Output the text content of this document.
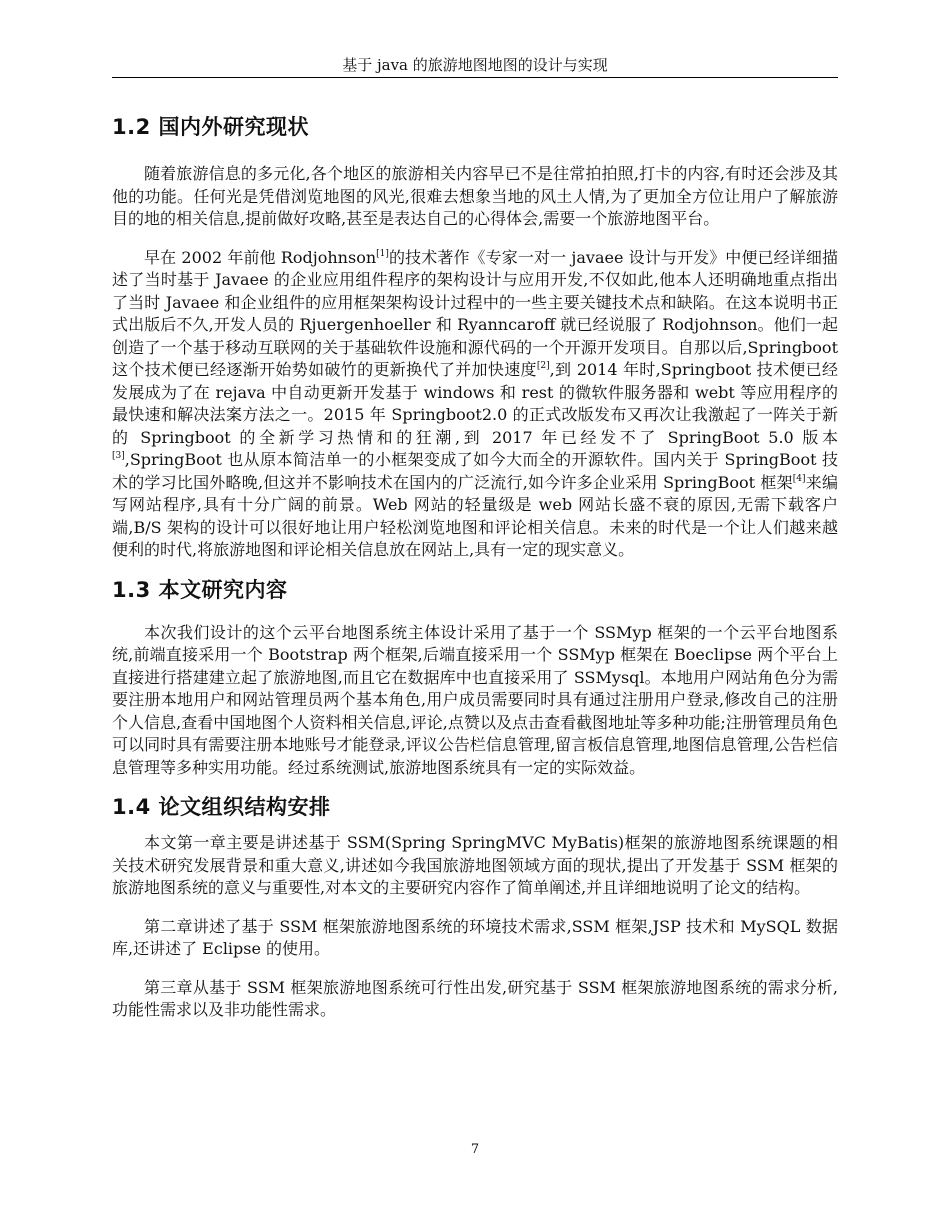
基于 java 的旅游地图地图的设计与实现
1.2 国内外研究现状

随着旅游信息的多元化,各个地区的旅游相关内容早已不是往常拍拍照,打卡的内容,有时还会涉及其他的功能。任何光是凭借浏览地图的风光,很难去想象当地的风土人情,为了更加全方位让用户了解旅游目的地的相关信息,提前做好攻略,甚至是表达自己的心得体会,需要一个旅游地图平台。

早在 2002 年前他 Rodjohnson[1]的技术著作《专家一对一 javaee 设计与开发》中便已经详细描述了当时基于 Javaee 的企业应用组件程序的架构设计与应用开发,不仅如此,他本人还明确地重点指出了当时 Javaee 和企业组件的应用框架架构设计过程中的一些主要关键技术点和缺陷。在这本说明书正式出版后不久,开发人员的 Rjuergenhoeller 和 Ryanncaroff 就已经说服了 Rodjohnson。他们一起创造了一个基于移动互联网的关于基础软件设施和源代码的一个开源开发项目。自那以后,Springboot 这个技术便已经逐渐开始势如破竹的更新换代了并加快速度[2],到 2014 年时,Springboot 技术便已经发展成为了在 rejava 中自动更新开发基于 windows 和 rest 的微软件服务器和 webt 等应用程序的最快速和解决法案方法之一。2015 年 Springboot2.0 的正式改版发布又再次让我激起了一阵关于新的 Springboot 的全新学习热情和的狂潮,到 2017 年已经发不了 SpringBoot 5.0 版本[3],SpringBoot 也从原本简洁单一的小框架变成了如今大而全的开源软件。国内关于 SpringBoot 技术的学习比国外略晚,但这并不影响技术在国内的广泛流行,如今许多企业采用 SpringBoot 框架[4]来编写网站程序,具有十分广阔的前景。Web 网站的轻量级是 web 网站长盛不衰的原因,无需下载客户端,B/S 架构的设计可以很好地让用户轻松浏览地图和评论相关信息。未来的时代是一个让人们越来越便利的时代,将旅游地图和评论相关信息放在网站上,具有一定的现实意义。

1.3 本文研究内容

本次我们设计的这个云平台地图系统主体设计采用了基于一个 SSMyp 框架的一个云平台地图系统,前端直接采用一个 Bootstrap 两个框架,后端直接采用一个 SSMyp 框架在 Boeclipse 两个平台上直接进行搭建建立起了旅游地图,而且它在数据库中也直接采用了 SSMysql。本地用户网站角色分为需要注册本地用户和网站管理员两个基本角色,用户成员需要同时具有通过注册用户登录,修改自己的注册个人信息,查看中国地图个人资料相关信息,评论,点赞以及点击查看截图地址等多种功能;注册管理员角色可以同时具有需要注册本地账号才能登录,评议公告栏信息管理,留言板信息管理,地图信息管理,公告栏信息管理等多种实用功能。经过系统测试,旅游地图系统具有一定的实际效益。

1.4 论文组织结构安排

本文第一章主要是讲述基于 SSM(Spring SpringMVC MyBatis)框架的旅游地图系统课题的相关技术研究发展背景和重大意义,讲述如今我国旅游地图领域方面的现状,提出了开发基于 SSM 框架的旅游地图系统的意义与重要性,对本文的主要研究内容作了简单阐述,并且详细地说明了论文的结构。

第二章讲述了基于 SSM 框架旅游地图系统的环境技术需求,SSM 框架,JSP 技术和 MySQL 数据库,还讲述了 Eclipse 的使用。

第三章从基于 SSM 框架旅游地图系统可行性出发,研究基于 SSM 框架旅游地图系统的需求分析,功能性需求以及非功能性需求。

7
